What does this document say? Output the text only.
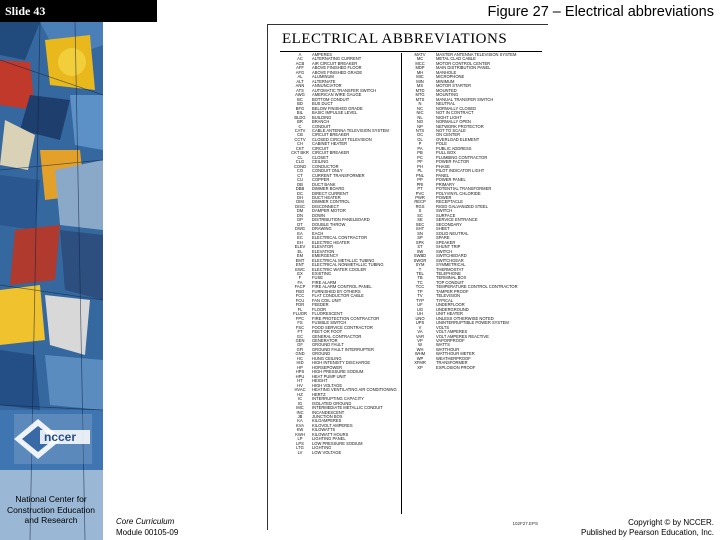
nccer
National Center for Construction Education and Research
Slide 43	Figure 27 – Electrical abbreviations
ELECTRICAL ABBREVIATIONS
A
AC
ACB
AFF
AFG
AL
ALT
ANN
ATS
AWG
BC
BD
BFG
BIL
BLDG
BR
C
CATV
CB
CCTV
CH
CKT
CKT BKR
CL
CLG
COND
CO
CT
CU
DB
DBB
DC
DH
DIM
DISC
DM
DN
DP
DT
DWG
EA
EC
EH
ELEV
EL
EM
EMT
ENT
EWC
EX
F
FA
FACP
FBO
FCC
FCU
FDR
FL
FLUOR
FPC
FS
FSC
FT
GC
GEN
GF
GFI
GND
HC
HID
HP
HPS
HPU
HT
HV
HVAC
HZ
IC
IG
IMC
INC
JB
KA
KVA
KW
KWH
LP
LPS
LTG
LV
AMPERES
ALTERNATING CURRENT
AIR CIRCUIT BREAKER
ABOVE FINISHED FLOOR
ABOVE FINISHED GRADE
ALUMINUM
ALTERNATE
ANNUNCIATOR
AUTOMATIC TRANSFER SWITCH
AMERICAN WIRE GAUGE
BOTTOM CONDUIT
BUS DUCT
BELOW FINISHED GRADE
BASIC IMPULSE LEVEL
BUILDING
BRANCH
CONDUIT
CABLE ANTENNA TELEVISION SYSTEM
CIRCUIT BREAKER
CLOSED CIRCUIT TELEVISION
CABINET HEATER
CIRCUIT
CIRCUIT BREAKER
CLOSET
CEILING
CONDUCTOR
CONDUIT ONLY
CURRENT TRANSFORMER
COPPER
DUCT BANK
DIMMER BOARD
DIRECT CURRENT
DUCT HEATER
DIMMER CONTROL
DISCONNECT
DAMPER MOTOR
DOWN
DISTRIBUTION PANELBOARD
DOUBLE THROW
DRAWING
EACH
ELECTRICAL CONTRACTOR
ELECTRIC HEATER
ELEVATOR
ELEVATION
EMERGENCY
ELECTRICAL METALLIC TUBING
ELECTRICAL NONMETALLIC TUBING
ELECTRIC WATER COOLER
EXISTING
FUSE
FIRE ALARM
FIRE ALARM CONTROL PANEL
FURNISHED BY OTHERS
FLAT CONDUCTOR CABLE
FAN COIL UNIT
FEEDER
FLOOR
FLUORESCENT
FIRE PROTECTION CONTRACTOR
FUSIBLE SWITCH
FOOD SERVICE CONTRACTOR
FEET OR FOOT
GENERAL CONTRACTOR
GENERATOR
GROUND FAULT
GROUND FAULT INTERRUPTER
GROUND
HUNG CEILING
HIGH INTENSITY DISCHARGE
HORSEPOWER
HIGH PRESSURE SODIUM
HEAT PUMP UNIT
HEIGHT
HIGH VOLTAGE
HEATING VENTILATING AIR CONDITIONING
HERTZ
INTERRUPTING CAPACITY
ISOLATED GROUND
INTERMEDIATE METALLIC CONDUIT
INCANDESCENT
JUNCTION BOX
KILOAMPERES
KILOVOLT AMPERES
KILOWATTS
KILOWATT HOURS
LIGHTING PANEL
LOW PRESSURE SODIUM
LIGHTING
LOW VOLTAGE
MATV
MC
MCC
MDP
MH
MIC
MIN
MS
MTD
MTG
MTS
N
NC
NIC
NL
NO
NP
NTS
OC
OL
P
PA
PB
PC
PF
PH
PL
PNL
PP
PRI
PT
PVC
PWR
RECP
RGS
S
SC
SE
SEC
SHT
SN
SP
SPK
ST
SW
SWBD
SWGR
SYM
T
TEL
TB
TC
TCC
TP
TV
TYP
UF
UG
UH
UNO
UPS
V
VA
VAR
VP
W
WH
WHM
WP
XFMR
XP
MASTER ANTENNA TELEVISION SYSTEM
METAL CLAD CABLE
MOTOR CONTROL CENTER
MAIN DISTRIBUTION PANEL
MANHOLE
MICROPHONE
MINIMUM
MOTOR STARTER
MOUNTED
MOUNTING
MANUAL TRANSFER SWITCH
NEUTRAL
NORMALLY CLOSED
NOT IN CONTRACT
NIGHT LIGHT
NORMALLY OPEN
NETWORK PROTECTOR
NOT TO SCALE
ON CENTER
OVERLOAD ELEMENT
POLE
PUBLIC ADDRESS
PULL BOX
PLUMBING CONTRACTOR
POWER FACTOR
PHASE
PILOT INDICATOR LIGHT
PANEL
POWER PANEL
PRIMARY
POTENTIAL TRANSFORMER
POLYVINYL CHLORIDE
POWER
RECEPTACLE
RIGID GALVANIZED STEEL
SWITCH
SURFACE
SERVICE ENTRANCE
SECONDARY
SHEET
SOLID NEUTRAL
SPARE
SPEAKER
SHUNT TRIP
SWITCH
SWITCHBOARD
SWITCHGEAR
SYMMETRICAL
THERMOSTAT
TELEPHONE
TERMINAL BOX
TOP CONDUIT
TEMPERATURE CONTROL CONTRACTOR
TAMPER PROOF
TELEVISION
TYPICAL
UNDERFLOOR
UNDERGROUND
UNIT HEATER
UNLESS OTHERWISE NOTED
UNINTERRUPTIBLE POWER SYSTEM
VOLTS
VOLT AMPERES
VOLT AMPERES REACTIVE
VAPORPROOF
WATTS
WATTHOUR
WATTHOUR METER
WEATHERPROOF
TRANSFORMER
EXPLOSION PROOF
102F27.EPS
Core Curriculum
Module 00105-09
Copyright © by NCCER.
Published by Pearson Education, Inc.
